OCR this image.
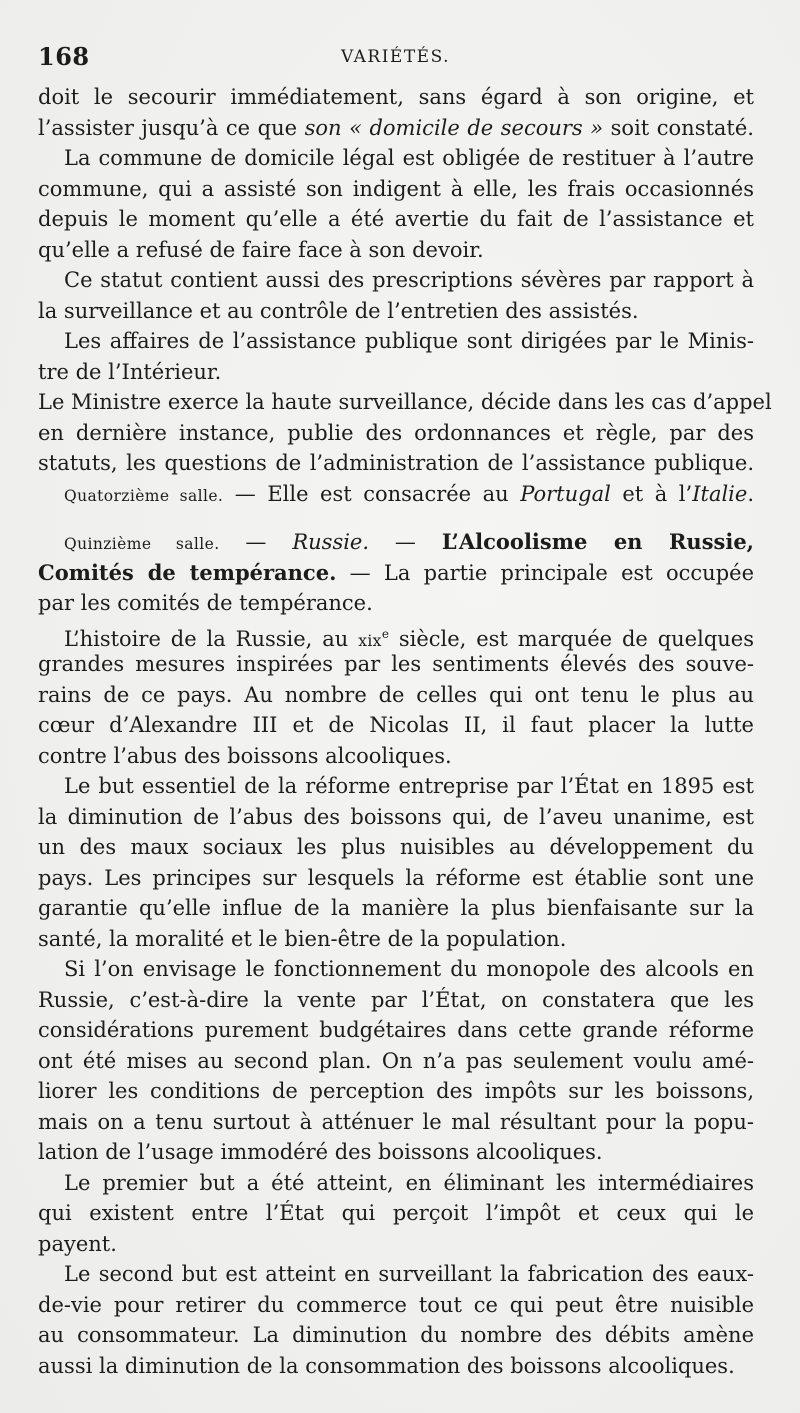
168	VARIÉTÉS.
doit le secourir immédiatement, sans égard à son origine, et
l’assister jusqu’à ce que son « domicile de secours » soit constaté.
La commune de domicile légal est obligée de restituer à l’autre
commune, qui a assisté son indigent à elle, les frais occasionnés
depuis le moment qu’elle a été avertie du fait de l’assistance et
qu’elle a refusé de faire face à son devoir.
Ce statut contient aussi des prescriptions sévères par rapport à
la surveillance et au contrôle de l’entretien des assistés.
Les affaires de l’assistance publique sont dirigées par le Minis-
tre de l’Intérieur.
Le Ministre exerce la haute surveillance, décide dans les cas d’appel
en dernière instance, publie des ordonnances et règle, par des
statuts, les questions de l’administration de l’assistance publique.
Quatorzième salle. — Elle est consacrée au Portugal et à l’Italie.
Quinzième salle. — Russie. — L’Alcoolisme en Russie,
Comités de tempérance. — La partie principale est occupée
par les comités de tempérance.
L’histoire de la Russie, au xix$^e$ siècle, est marquée de quelques
grandes mesures inspirées par les sentiments élevés des souve-
rains de ce pays. Au nombre de celles qui ont tenu le plus au
cœur d’Alexandre III et de Nicolas II, il faut placer la lutte
contre l’abus des boissons alcooliques.
Le but essentiel de la réforme entreprise par l’État en 1895 est
la diminution de l’abus des boissons qui, de l’aveu unanime, est
un des maux sociaux les plus nuisibles au développement du
pays. Les principes sur lesquels la réforme est établie sont une
garantie qu’elle influe de la manière la plus bienfaisante sur la
santé, la moralité et le bien-être de la population.
Si l’on envisage le fonctionnement du monopole des alcools en
Russie, c’est-à-dire la vente par l’État, on constatera que les
considérations purement budgétaires dans cette grande réforme
ont été mises au second plan. On n’a pas seulement voulu amé-
liorer les conditions de perception des impôts sur les boissons,
mais on a tenu surtout à atténuer le mal résultant pour la popu-
lation de l’usage immodéré des boissons alcooliques.
Le premier but a été atteint, en éliminant les intermédiaires
qui existent entre l’État qui perçoit l’impôt et ceux qui le
payent.
Le second but est atteint en surveillant la fabrication des eaux-
de-vie pour retirer du commerce tout ce qui peut être nuisible
au consommateur. La diminution du nombre des débits amène
aussi la diminution de la consommation des boissons alcooliques.
